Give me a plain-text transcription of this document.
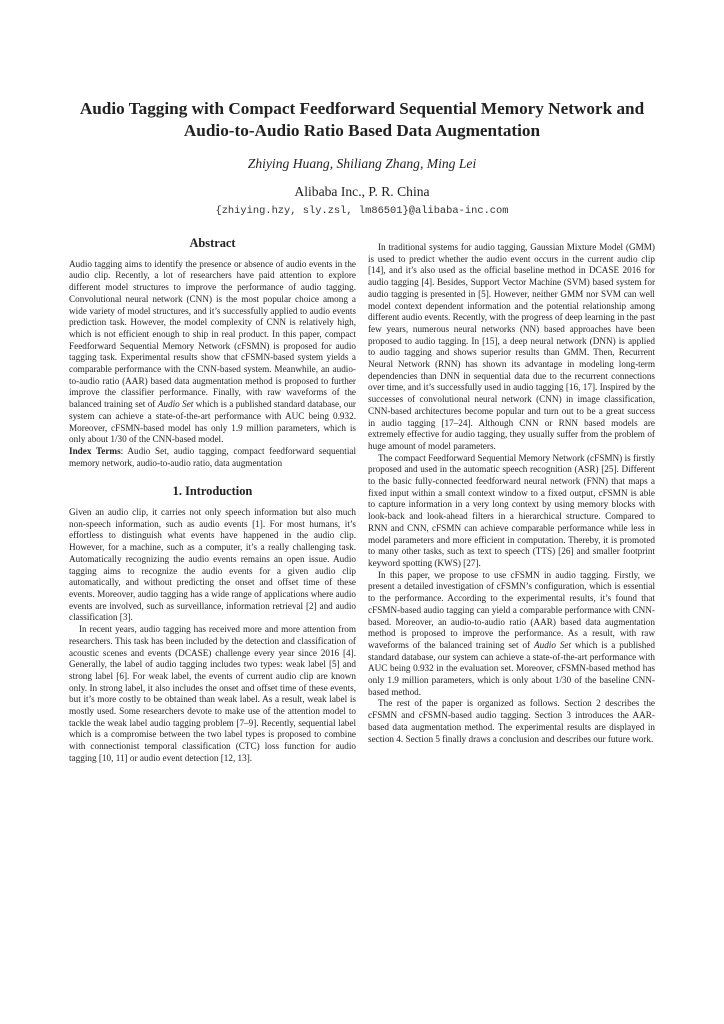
Audio Tagging with Compact Feedforward Sequential Memory Network and
Audio-to-Audio Ratio Based Data Augmentation
Zhiying Huang, Shiliang Zhang, Ming Lei
Alibaba Inc., P. R. China
{zhiying.hzy, sly.zsl, lm86501}@alibaba-inc.com
Abstract

Audio tagging aims to identify the presence or absence of audio events in the audio clip. Recently, a lot of researchers have paid attention to explore different model structures to improve the performance of audio tagging. Convolutional neural network (CNN) is the most popular choice among a wide variety of model structures, and it’s successfully applied to audio events prediction task. However, the model complexity of CNN is relatively high, which is not efficient enough to ship in real product. In this paper, compact Feedforward Sequential Memory Network (cFSMN) is proposed for audio tagging task. Experimental results show that cFSMN-based system yields a comparable performance with the CNN-based system. Meanwhile, an audio-to-audio ratio (AAR) based data augmentation method is proposed to further improve the classifier performance. Finally, with raw waveforms of the balanced training set of Audio Set which is a published standard database, our system can achieve a state-of-the-art performance with AUC being 0.932. Moreover, cFSMN-based model has only 1.9 million parameters, which is only about 1/30 of the CNN-based model.

Index Terms: Audio Set, audio tagging, compact feedforward sequential memory network, audio-to-audio ratio, data augmentation

1. Introduction

Given an audio clip, it carries not only speech information but also much non-speech information, such as audio events [1]. For most humans, it’s effortless to distinguish what events have happened in the audio clip. However, for a machine, such as a computer, it’s a really challenging task. Automatically recognizing the audio events remains an open issue. Audio tagging aims to recognize the audio events for a given audio clip automatically, and without predicting the onset and offset time of these events. Moreover, audio tagging has a wide range of applications where audio events are involved, such as surveillance, information retrieval [2] and audio classification [3].

In recent years, audio tagging has received more and more attention from researchers. This task has been included by the detection and classification of acoustic scenes and events (DCASE) challenge every year since 2016 [4]. Generally, the label of audio tagging includes two types: weak label [5] and strong label [6]. For weak label, the events of current audio clip are known only. In strong label, it also includes the onset and offset time of these events, but it’s more costly to be obtained than weak label. As a result, weak label is mostly used. Some researchers devote to make use of the attention model to tackle the weak label audio tagging problem [7–9]. Recently, sequential label which is a compromise between the two label types is proposed to combine with connectionist temporal classification (CTC) loss function for audio tagging [10, 11] or audio event detection [12, 13].

In traditional systems for audio tagging, Gaussian Mixture Model (GMM) is used to predict whether the audio event occurs in the current audio clip [14], and it’s also used as the official baseline method in DCASE 2016 for audio tagging [4]. Besides, Support Vector Machine (SVM) based system for audio tagging is presented in [5]. However, neither GMM nor SVM can well model context dependent information and the potential relationship among different audio events. Recently, with the progress of deep learning in the past few years, numerous neural networks (NN) based approaches have been proposed to audio tagging. In [15], a deep neural network (DNN) is applied to audio tagging and shows superior results than GMM. Then, Recurrent Neural Network (RNN) has shown its advantage in modeling long-term dependencies than DNN in sequential data due to the recurrent connections over time, and it’s successfully used in audio tagging [16, 17]. Inspired by the successes of convolutional neural network (CNN) in image classification, CNN-based architectures become popular and turn out to be a great success in audio tagging [17–24]. Although CNN or RNN based models are extremely effective for audio tagging, they usually suffer from the problem of huge amount of model parameters.

The compact Feedforward Sequential Memory Network (cFSMN) is firstly proposed and used in the automatic speech recognition (ASR) [25]. Different to the basic fully-connected feedforward neural network (FNN) that maps a fixed input within a small context window to a fixed output, cFSMN is able to capture information in a very long context by using memory blocks with look-back and look-ahead filters in a hierarchical structure. Compared to RNN and CNN, cFSMN can achieve comparable performance while less in model parameters and more efficient in computation. Thereby, it is promoted to many other tasks, such as text to speech (TTS) [26] and smaller footprint keyword spotting (KWS) [27].

In this paper, we propose to use cFSMN in audio tagging. Firstly, we present a detailed investigation of cFSMN’s configuration, which is essential to the performance. According to the experimental results, it’s found that cFSMN-based audio tagging can yield a comparable performance with CNN-based. Moreover, an audio-to-audio ratio (AAR) based data augmentation method is proposed to improve the performance. As a result, with raw waveforms of the balanced training set of Audio Set which is a published standard database, our system can achieve a state-of-the-art performance with AUC being 0.932 in the evaluation set. Moreover, cFSMN-based method has only 1.9 million parameters, which is only about 1/30 of the baseline CNN-based method.

The rest of the paper is organized as follows. Section 2 describes the cFSMN and cFSMN-based audio tagging. Section 3 introduces the AAR-based data augmentation method. The experimental results are displayed in section 4. Section 5 finally draws a conclusion and describes our future work.
